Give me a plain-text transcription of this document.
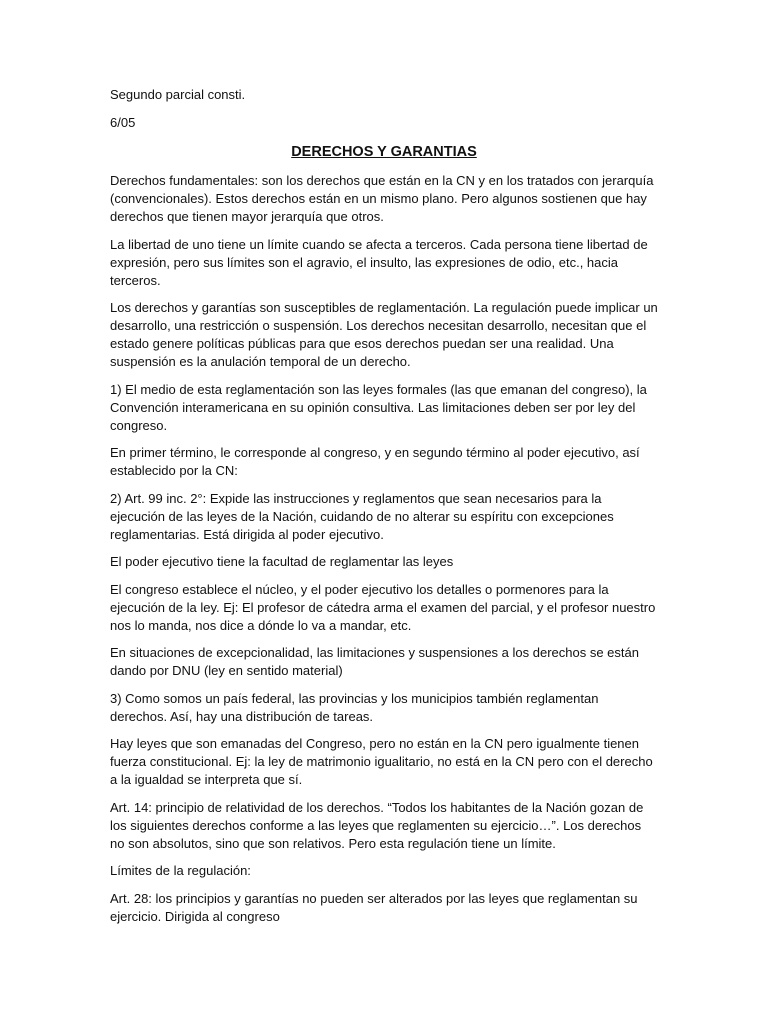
Segundo parcial consti.
6/05
DERECHOS Y GARANTIAS
Derechos fundamentales: son los derechos que están en la CN y en los tratados con jerarquía (convencionales). Estos derechos están en un mismo plano. Pero algunos sostienen que hay derechos que tienen mayor jerarquía que otros.
La libertad de uno tiene un límite cuando se afecta a terceros. Cada persona tiene libertad de expresión, pero sus límites son el agravio, el insulto, las expresiones de odio, etc., hacia terceros.
Los derechos y garantías son susceptibles de reglamentación. La regulación puede implicar un desarrollo, una restricción o suspensión. Los derechos necesitan desarrollo, necesitan que el estado genere políticas públicas para que esos derechos puedan ser una realidad. Una suspensión es la anulación temporal de un derecho.
1) El medio de esta reglamentación son las leyes formales (las que emanan del congreso), la Convención interamericana en su opinión consultiva. Las limitaciones deben ser por ley del congreso.
En primer término, le corresponde al congreso, y en segundo término al poder ejecutivo, así establecido por la CN:
2) Art. 99 inc. 2°: Expide las instrucciones y reglamentos que sean necesarios para la ejecución de las leyes de la Nación, cuidando de no alterar su espíritu con excepciones reglamentarias. Está dirigida al poder ejecutivo.
El poder ejecutivo tiene la facultad de reglamentar las leyes
El congreso establece el núcleo, y el poder ejecutivo los detalles o pormenores para la ejecución de la ley. Ej: El profesor de cátedra arma el examen del parcial, y el profesor nuestro nos lo manda, nos dice a dónde lo va a mandar, etc.
En situaciones de excepcionalidad, las limitaciones y suspensiones a los derechos se están dando por DNU (ley en sentido material)
3) Como somos un país federal, las provincias y los municipios también reglamentan derechos. Así, hay una distribución de tareas.
Hay leyes que son emanadas del Congreso, pero no están en la CN pero igualmente tienen fuerza constitucional. Ej: la ley de matrimonio igualitario, no está en la CN pero con el derecho a la igualdad se interpreta que sí.
Art. 14: principio de relatividad de los derechos. “Todos los habitantes de la Nación gozan de los siguientes derechos conforme a las leyes que reglamenten su ejercicio…”. Los derechos no son absolutos, sino que son relativos. Pero esta regulación tiene un límite.
Límites de la regulación:
Art. 28: los principios y garantías no pueden ser alterados por las leyes que reglamentan su ejercicio. Dirigida al congreso
